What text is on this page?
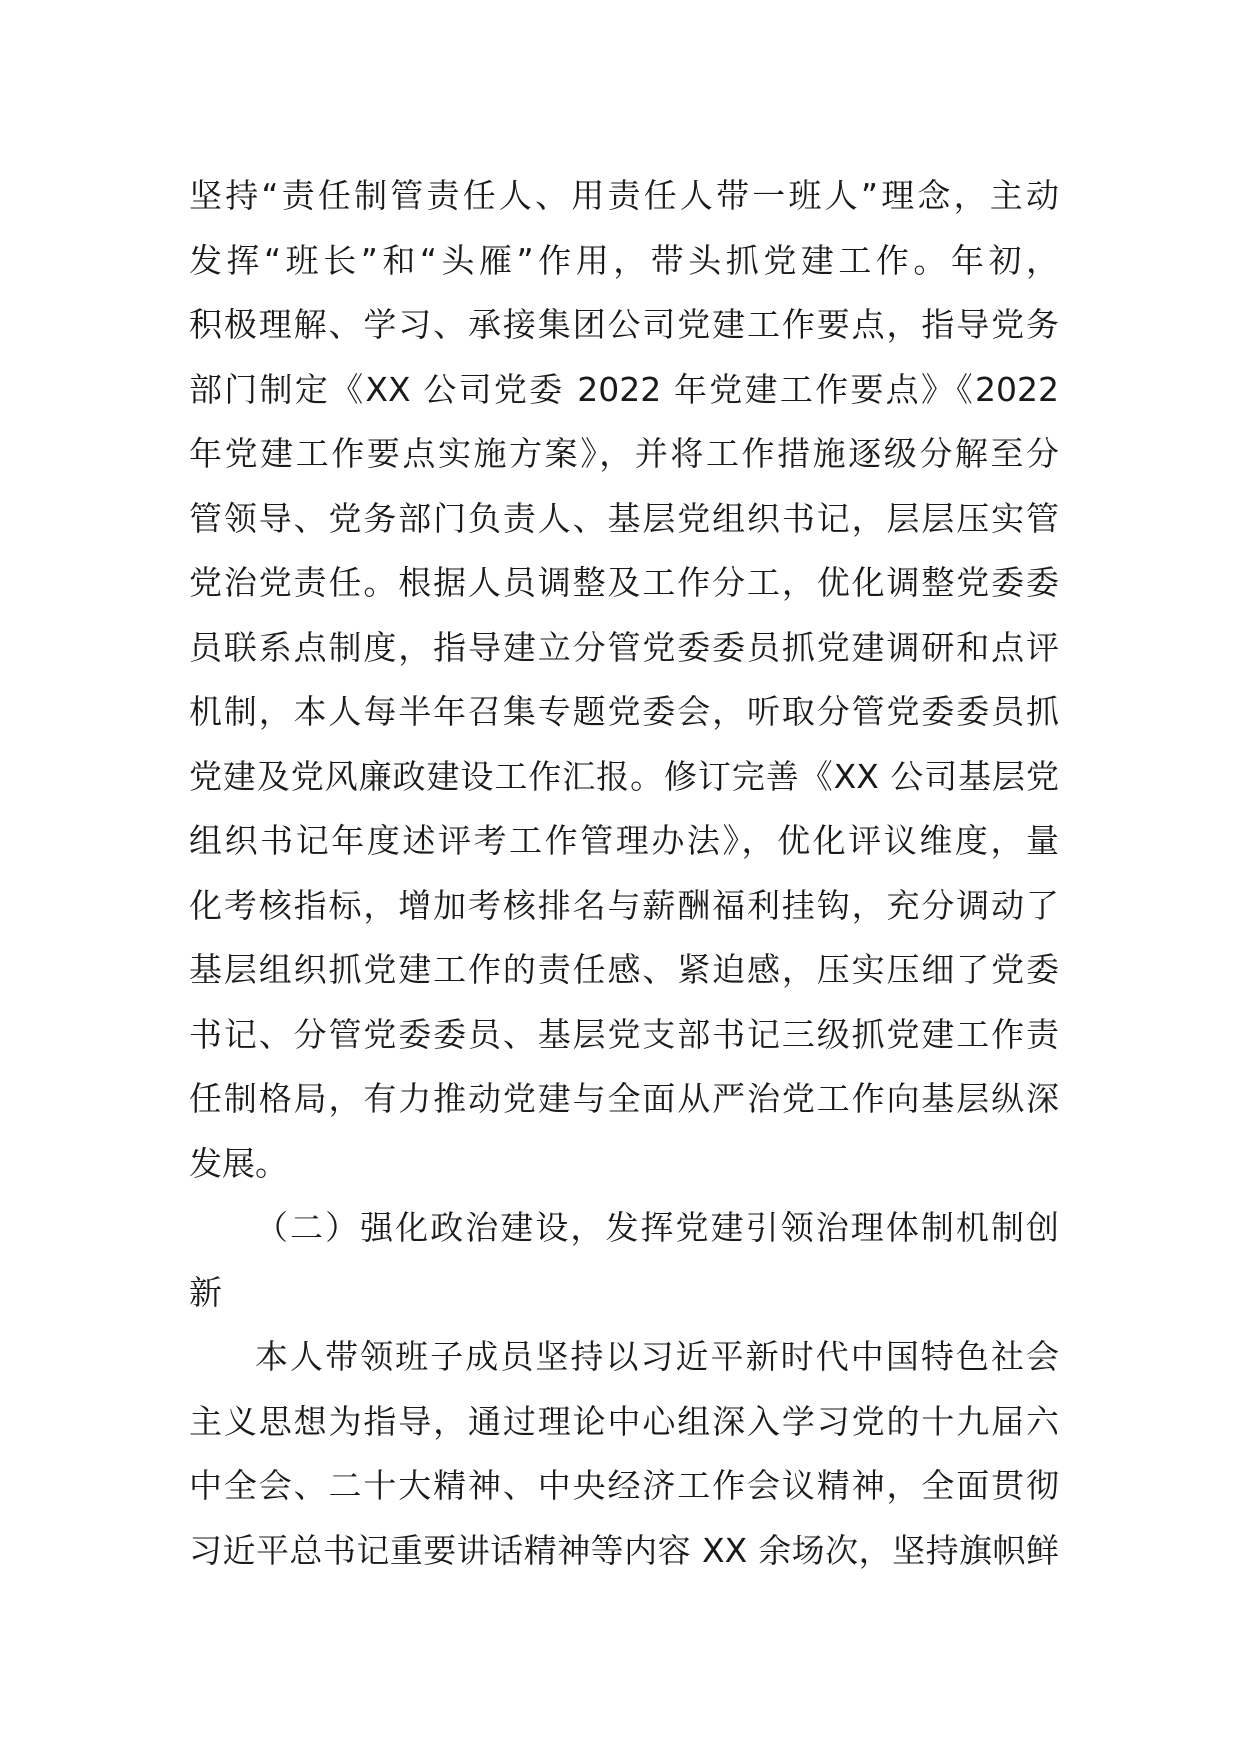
坚持“责任制管责任人、用责任人带一班人”理念，主动
发挥“班长”和“头雁”作用，带头抓党建工作。年初，
积极理解、学习、承接集团公司党建工作要点，指导党务
部门制定《XX 公司党委 2022 年党建工作要点》《2022
年党建工作要点实施方案》，并将工作措施逐级分解至分
管领导、党务部门负责人、基层党组织书记，层层压实管
党治党责任。根据人员调整及工作分工，优化调整党委委
员联系点制度，指导建立分管党委委员抓党建调研和点评
机制，本人每半年召集专题党委会，听取分管党委委员抓
党建及党风廉政建设工作汇报。修订完善《XX 公司基层党
组织书记年度述评考工作管理办法》，优化评议维度，量
化考核指标，增加考核排名与薪酬福利挂钩，充分调动了
基层组织抓党建工作的责任感、紧迫感，压实压细了党委
书记、分管党委委员、基层党支部书记三级抓党建工作责
任制格局，有力推动党建与全面从严治党工作向基层纵深
发展。
（二）强化政治建设，发挥党建引领治理体制机制创
新
本人带领班子成员坚持以习近平新时代中国特色社会
主义思想为指导，通过理论中心组深入学习党的十九届六
中全会、二十大精神、中央经济工作会议精神，全面贯彻
习近平总书记重要讲话精神等内容 XX 余场次，坚持旗帜鲜
